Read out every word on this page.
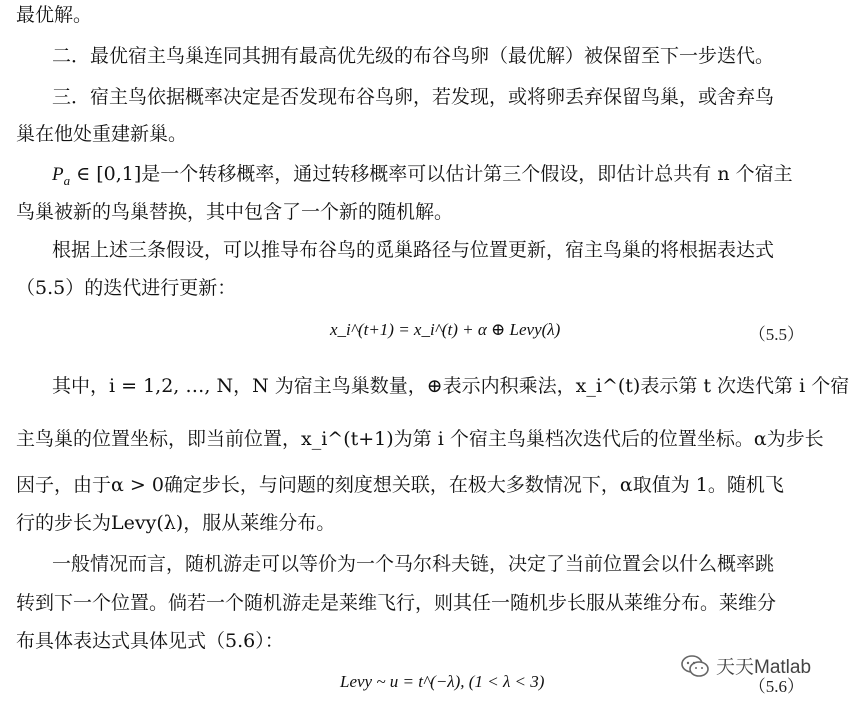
最优解。
二．最优宿主鸟巢连同其拥有最高优先级的布谷鸟卵（最优解）被保留至下一步迭代。
三．宿主鸟依据概率决定是否发现布谷鸟卵，若发现，或将卵丢弃保留鸟巢，或舍弃鸟
巢在他处重建新巢。
$P_a$ ∈ [0,1]是一个转移概率，通过转移概率可以估计第三个假设，即估计总共有 n 个宿主
鸟巢被新的鸟巢替换，其中包含了一个新的随机解。
根据上述三条假设，可以推导布谷鸟的觅巢路径与位置更新，宿主鸟巢的将根据表达式
（5.5）的迭代进行更新：
x_i^(t+1) = x_i^(t) + α ⊕ Levy(λ)	（5.5）
其中，i = 1,2, …, N，N 为宿主鸟巢数量，⊕表示内积乘法，x_i^(t)表示第 t 次迭代第 i 个宿
主鸟巢的位置坐标，即当前位置，x_i^(t+1)为第 i 个宿主鸟巢档次迭代后的位置坐标。α为步长
因子，由于α > 0确定步长，与问题的刻度想关联，在极大多数情况下，α取值为 1。随机飞
行的步长为Levy(λ)，服从莱维分布。
一般情况而言，随机游走可以等价为一个马尔科夫链，决定了当前位置会以什么概率跳
转到下一个位置。倘若一个随机游走是莱维飞行，则其任一随机步长服从莱维分布。莱维分
布具体表达式具体见式（5.6）：
Levy ~ u = t^(−λ), (1 < λ < 3)	（5.6）
天天Matlab
